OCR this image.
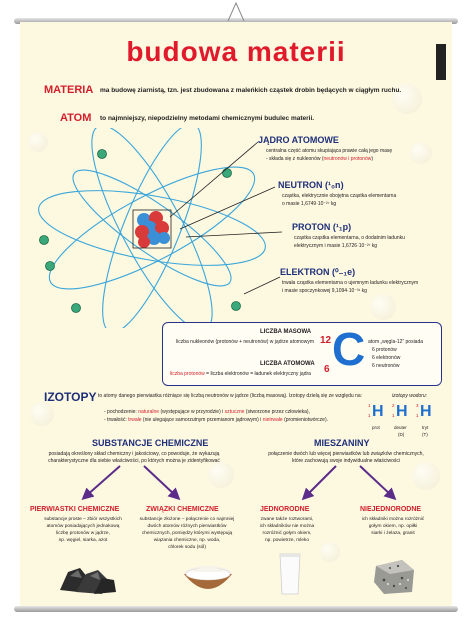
budowa materii
MATERIA ma budowę ziarnistą, tzn. jest zbudowana z maleńkich cząstek drobin będących w ciągłym ruchu.
ATOM to najmniejszy, niepodzielny metodami chemicznymi budulec materii.
JĄDRO ATOMOWE
centralna część atomu skupiająca prawie całą jego masę
- składa się z nukleonów (neutronów i protonów)
NEUTRON (¹₀n)
cząstka, elektrycznie obojętna cząstka elementarna
o masie 1,6749·10⁻²⁷ kg
PROTON (¹₁p)
cząstka cząstka elementarna, o dodatnim ładunku
elektrycznym i masie 1,6726·10⁻²⁷ kg
ELEKTRON (⁰₋₁e)
trwała cząstka elementarna o ujemnym ładunku elektrycznym
i masie spoczynkowej 9,1094·10⁻³¹ kg
LICZBA MASOWA
liczba nukleonów (protonów + neutronów) w jądrze atomowym
LICZBA ATOMOWA
liczba protonów = liczba elektronów = ładunek elektryczny jądra
12
6 C atom „węgla-12” posiada
6 protonów
6 elektronów
6 neutronów
IZOTOPY to atomy danego pierwiastka różniące się liczbą neutronów w jądrze (liczbą masową). Izotopy dzielą się ze względu na:
- pochodzenie: naturalne (występujące w przyrodzie) i sztuczne (stworzone przez człowieka),
- trwałość: trwałe (nie ulegające samorzutnym przemianom jądrowym) i nietrwałe (promieniotwórcze).
izotopy wodoru:
1
1 H
prot
2
1 H
deuter
(D)
3
1 H
tryt
(T)
SUBSTANCJE CHEMICZNE
posiadają określony skład chemiczny i jakościowy, co powoduje, że wykazują
charakterystyczne dla siebie właściwości, po których można je zidentyfikować
MIESZANINY
połączenie dwóch lub więcej pierwiastków lub związków chemicznych,
które zachowują swoje indywidualne właściwości
PIERWIASTKI CHEMICZNE
substancje proste – zbiór wszystkich
atomów posiadających jednakową
liczbę protonów w jądrze,
np. węgiel, siarka, azot
ZWIĄZKI CHEMICZNE
substancje złożone – połączenie co najmniej
dwóch atomów różnych pierwiastków
chemicznych, pomiędzy którymi występują
wiązania chemiczne, np. woda,
chlorek sodu (sól)
JEDNORODNE
zwane także roztworami,
ich składników nie można
rozróżnić gołym okiem,
np. powietrze, mleko
NIEJEDNORODNE
ich składniki można rozróżnić
gołym okiem, np. opiłki
siarki i żelaza, granit
